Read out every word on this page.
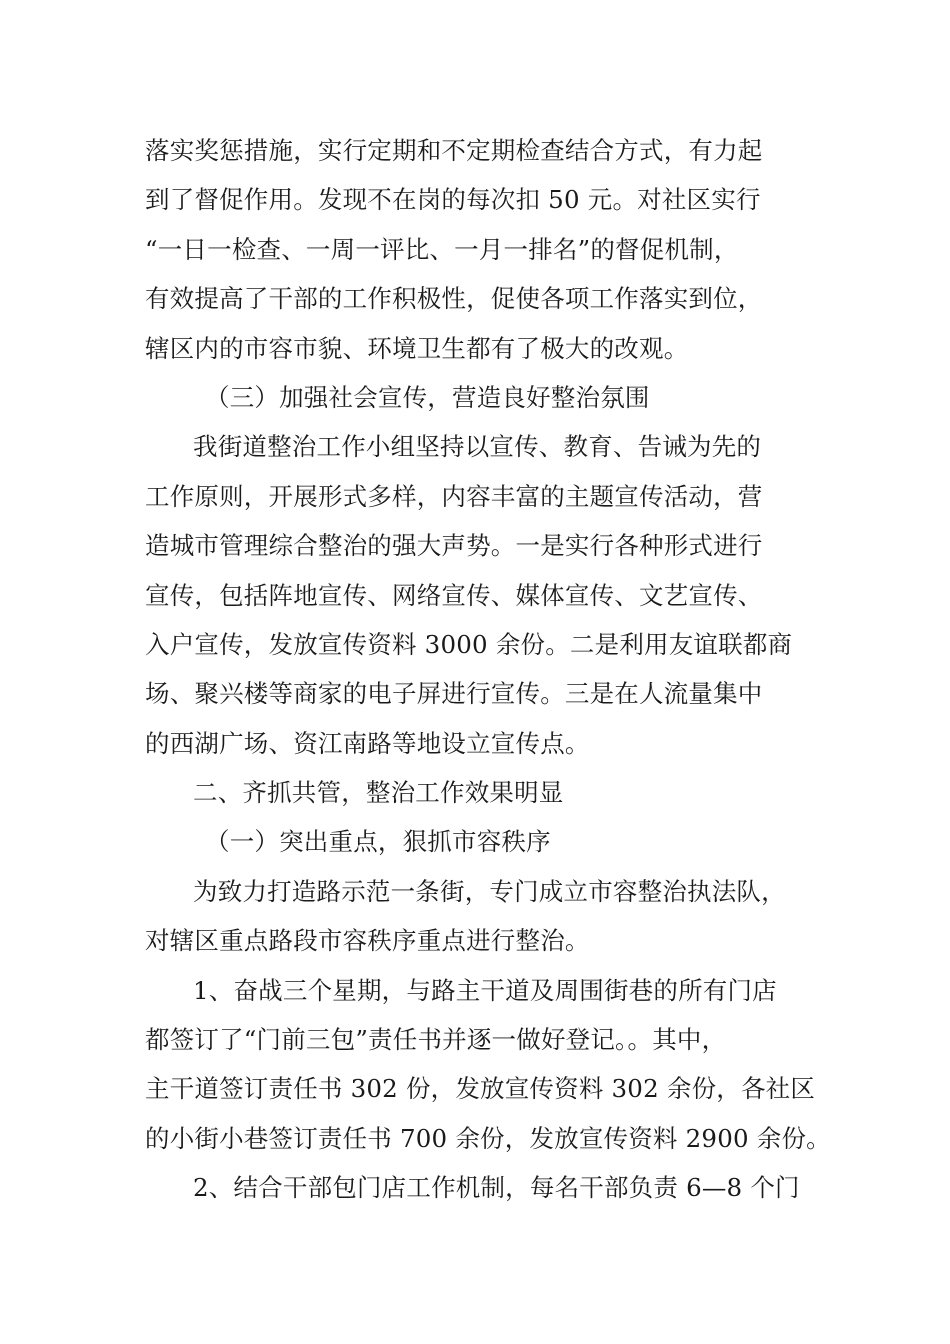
落实奖惩措施，实行定期和不定期检查结合方式，有力起
到了督促作用。发现不在岗的每次扣 50 元。对社区实行
“一日一检查、一周一评比、一月一排名”的督促机制，
有效提高了干部的工作积极性，促使各项工作落实到位，
辖区内的市容市貌、环境卫生都有了极大的改观。
（三）加强社会宣传，营造良好整治氛围
我街道整治工作小组坚持以宣传、教育、告诫为先的
工作原则，开展形式多样，内容丰富的主题宣传活动，营
造城市管理综合整治的强大声势。一是实行各种形式进行
宣传，包括阵地宣传、网络宣传、媒体宣传、文艺宣传、
入户宣传，发放宣传资料 3000 余份。二是利用友谊联都商
场、聚兴楼等商家的电子屏进行宣传。三是在人流量集中
的西湖广场、资江南路等地设立宣传点。
二、齐抓共管，整治工作效果明显
（一）突出重点，狠抓市容秩序
为致力打造路示范一条街，专门成立市容整治执法队，
对辖区重点路段市容秩序重点进行整治。
1、奋战三个星期，与路主干道及周围街巷的所有门店
都签订了“门前三包”责任书并逐一做好登记。。其中，
主干道签订责任书 302 份，发放宣传资料 302 余份，各社区
的小街小巷签订责任书 700 余份，发放宣传资料 2900 余份。
2、结合干部包门店工作机制，每名干部负责 6—8 个门
